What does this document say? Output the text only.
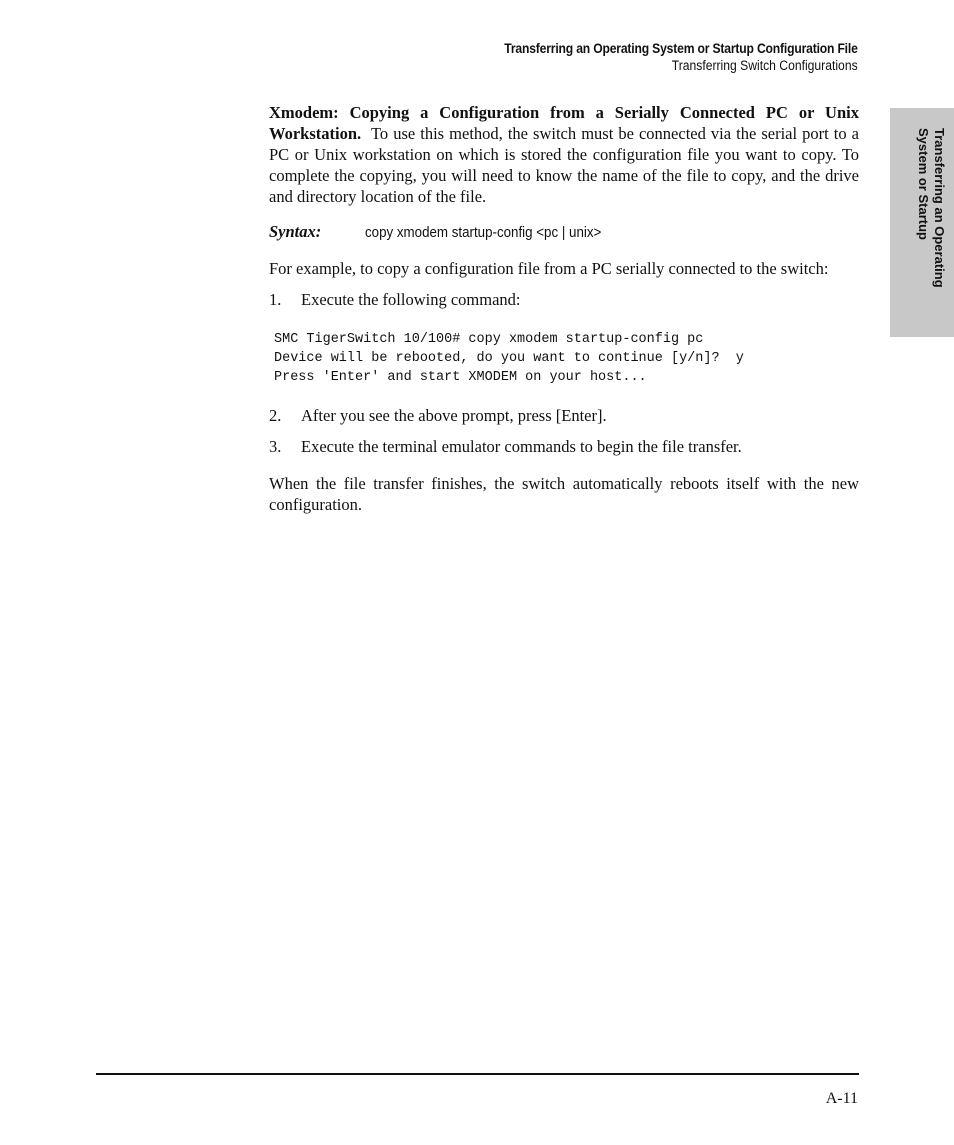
Transferring an Operating System or Startup Configuration File
Transferring Switch Configurations
Transferring an Operating
System or Startup

Xmodem: Copying a Configuration from a Serially Connected PC or Unix Workstation. To use this method, the switch must be connected via the serial port to a PC or Unix workstation on which is stored the configuration file you want to copy. To complete the copying, you will need to know the name of the file to copy, and the drive and directory location of the file.

Syntax:	copy xmodem startup-config <pc | unix>

For example, to copy a configuration file from a PC serially connected to the switch:

1.	Execute the following command:
SMC TigerSwitch 10/100# copy xmodem startup-config pc
Device will be rebooted, do you want to continue [y/n]?  y
Press 'Enter' and start XMODEM on your host...
2.	After you see the above prompt, press [Enter].
3.	Execute the terminal emulator commands to begin the file transfer.

When the file transfer finishes, the switch automatically reboots itself with the new configuration.

A-11
